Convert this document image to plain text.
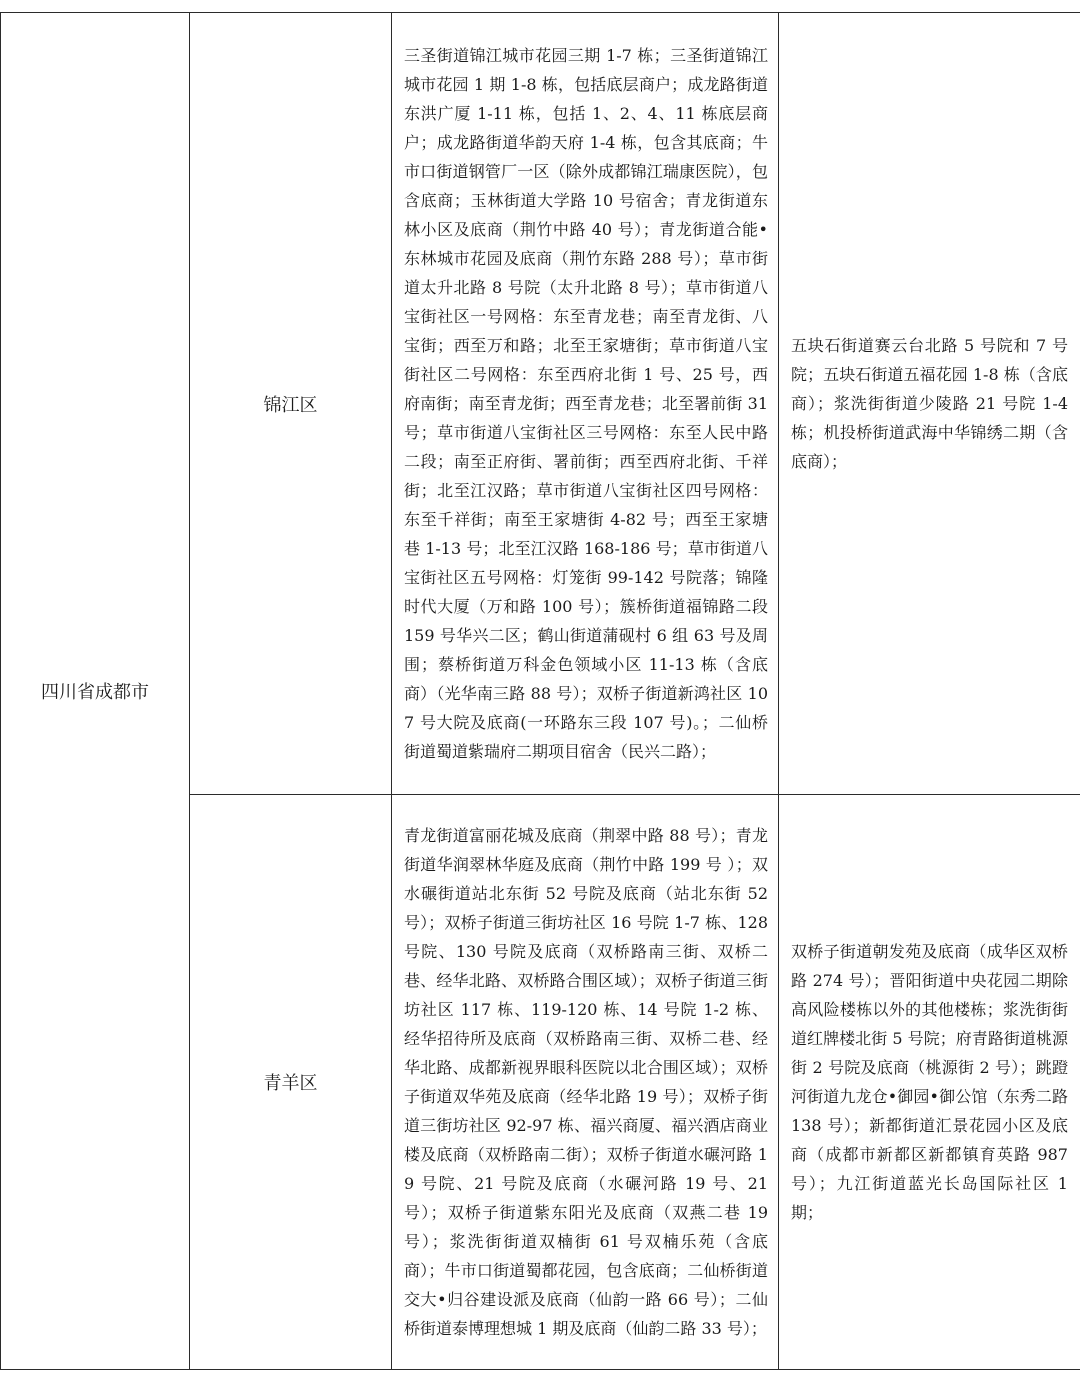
四川省成都市	锦江区	三圣街道锦江城市花园三期 1-7 栋；三圣街道锦江城市花园 1 期 1-8 栋，包括底层商户；成龙路街道东洪广厦 1-11 栋，包括 1、2、4、11 栋底层商户；成龙路街道华韵天府 1-4 栋，包含其底商；牛市口街道钢管厂一区（除外成都锦江瑞康医院），包含底商；玉林街道大学路 10 号宿舍；青龙街道东林小区及底商（荆竹中路 40 号）；青龙街道合能•东林城市花园及底商（荆竹东路 288 号）；草市街道太升北路 8 号院（太升北路 8 号）；草市街道八宝街社区一号网格：东至青龙巷；南至青龙街、八宝街；西至万和路；北至王家塘街；草市街道八宝街社区二号网格：东至西府北街 1 号、25 号，西府南街；南至青龙街；西至青龙巷；北至署前街 31 号；草市街道八宝街社区三号网格：东至人民中路二段；南至正府街、署前街；西至西府北街、千祥街；北至江汉路；草市街道八宝街社区四号网格：东至千祥街；南至王家塘街 4-82 号；西至王家塘巷 1-13 号；北至江汉路 168-186 号；草市街道八宝街社区五号网格：灯笼街 99-142 号院落；锦隆时代大厦（万和路 100 号）；簇桥街道福锦路二段 159 号华兴二区；鹤山街道蒲砚村 6 组 63 号及周围；蔡桥街道万科金色领域小区 11-13 栋（含底商）（光华南三路 88 号）；双桥子街道新鸿社区 107 号大院及底商(一环路东三段 107 号)。；二仙桥街道蜀道紫瑞府二期项目宿舍（民兴二路）；	五块石街道赛云台北路 5 号院和 7 号院；五块石街道五福花园 1-8 栋（含底商）；浆洗街街道少陵路 21 号院 1-4 栋；机投桥街道武海中华锦绣二期（含底商）；

	青羊区	青龙街道富丽花城及底商（荆翠中路 88 号）；青龙街道华润翠林华庭及底商（荆竹中路 199 号 ）；双水碾街道站北东街 52 号院及底商（站北东街 52 号）；双桥子街道三街坊社区 16 号院 1-7 栋、128 号院、130 号院及底商（双桥路南三街、双桥二巷、经华北路、双桥路合围区域）；双桥子街道三街坊社区 117 栋、119-120 栋、14 号院 1-2 栋、经华招待所及底商（双桥路南三街、双桥二巷、经华北路、成都新视界眼科医院以北合围区域）；双桥子街道双华苑及底商（经华北路 19 号）；双桥子街道三街坊社区 92-97 栋、福兴商厦、福兴酒店商业楼及底商（双桥路南二街）；双桥子街道水碾河路 19 号院、21 号院及底商（水碾河路 19 号、21 号）；双桥子街道紫东阳光及底商（双燕二巷 19 号）；浆洗街街道双楠街 61 号双楠乐苑（含底商）；牛市口街道蜀都花园，包含底商；二仙桥街道交大•归谷建设派及底商（仙韵一路 66 号）；二仙桥街道泰博理想城 1 期及底商（仙韵二路 33 号）；	双桥子街道朝发苑及底商（成华区双桥路 274 号）；晋阳街道中央花园二期除高风险楼栋以外的其他楼栋；浆洗街街道红牌楼北街 5 号院；府青路街道桃源街 2 号院及底商（桃源街 2 号）；跳蹬河街道九龙仓•御园•御公馆（东秀二路 138 号）；新都街道汇景花园小区及底商（成都市新都区新都镇育英路 987 号）；九江街道蓝光长岛国际社区 1 期；
